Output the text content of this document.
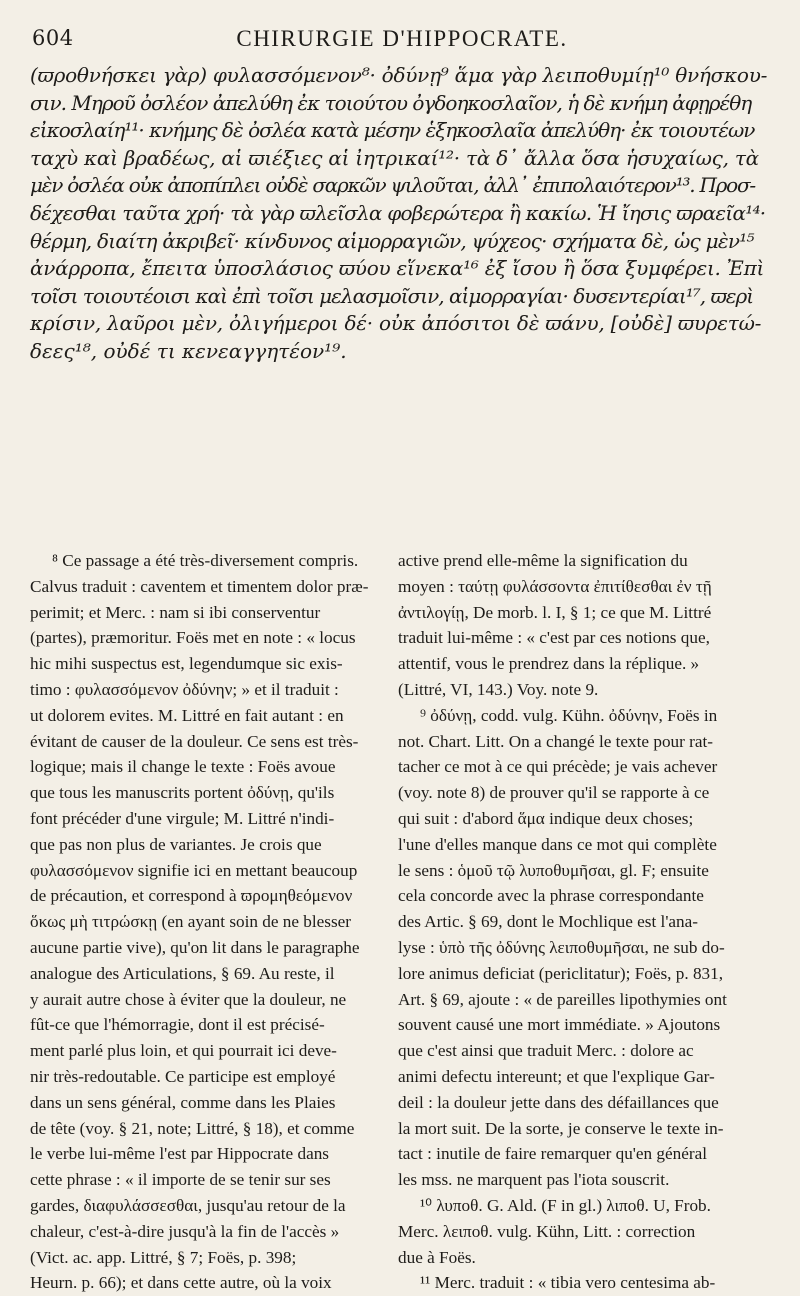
604	CHIRURGIE D'HIPPOCRATE.
(ϖροθνήσκει γὰρ) φυλασσόμενον⁸· ὀδύνῃ⁹ ἅμα γὰρ λειποθυμίῃ¹⁰ θνήσκου-
σιν. Μηροῦ ὀσλέον ἀπελύθη ἐκ τοιούτου ὀγδοηκοσλαῖον, ἡ δὲ κνήμη ἀφῃρέθη
εἰκοσλαίη¹¹· κνήμης δὲ ὀσλέα κατὰ μέσην ἑξηκοσλαῖα ἀπελύθη· ἐκ τοιουτέων
ταχὺ καὶ βραδέως, αἱ ϖιέξιες αἱ ἰητρικαί¹²· τὰ δ᾽ ἄλλα ὅσα ἡσυχαίως, τὰ
μὲν ὀσλέα οὐκ ἀποπίπλει οὐδὲ σαρκῶν ψιλοῦται, ἀλλ᾽ ἐπιπολαιότερον¹³. Προσ-
δέχεσθαι ταῦτα χρή· τὰ γὰρ ϖλεῖσλα φοβερώτερα ἢ κακίω. Ἡ ἴησις ϖραεῖα¹⁴·
θέρμη, διαίτη ἀκριβεῖ· κίνδυνος αἱμορραγιῶν, ψύχεος· σχήματα δὲ, ὡς μὲν¹⁵
ἀνάρροπα, ἔπειτα ὑποσλάσιος ϖύου εἵνεκα¹⁶ ἐξ ἴσου ἢ ὅσα ξυμφέρει. Ἐπὶ
τοῖσι τοιουτέοισι καὶ ἐπὶ τοῖσι μελασμοῖσιν, αἱμορραγίαι· δυσεντερίαι¹⁷, ϖερὶ
κρίσιν, λαῦροι μὲν, ὀλιγήμεροι δέ· οὐκ ἀπόσιτοι δὲ ϖάνυ, [οὐδὲ] ϖυρετώ-
δεες¹⁸, οὐδέ τι κενεαγγητέον¹⁹.
⁸ Ce passage a été très-diversement compris.
Calvus traduit : caventem et timentem dolor præ-
perimit; et Merc. : nam si ibi conserventur
(partes), præmoritur. Foës met en note : « locus
hic mihi suspectus est, legendumque sic exis-
timo : φυλασσόμενον ὀδύνην; » et il traduit :
ut dolorem evites. M. Littré en fait autant : en
évitant de causer de la douleur. Ce sens est très-
logique; mais il change le texte : Foës avoue
que tous les manuscrits portent ὀδύνῃ, qu'ils
font précéder d'une virgule; M. Littré n'indi-
que pas non plus de variantes. Je crois que
φυλασσόμενον signifie ici en mettant beaucoup
de précaution, et correspond à ϖρομηθεόμενον
ὅκως μὴ τιτρώσκῃ (en ayant soin de ne blesser
aucune partie vive), qu'on lit dans le paragraphe
analogue des Articulations, § 69. Au reste, il
y aurait autre chose à éviter que la douleur, ne
fût-ce que l'hémorragie, dont il est précisé-
ment parlé plus loin, et qui pourrait ici deve-
nir très-redoutable. Ce participe est employé
dans un sens général, comme dans les Plaies
de tête (voy. § 21, note; Littré, § 18), et comme
le verbe lui-même l'est par Hippocrate dans
cette phrase : « il importe de se tenir sur ses
gardes, διαφυλάσσεσθαι, jusqu'au retour de la
chaleur, c'est-à-dire jusqu'à la fin de l'accès »
(Vict. ac. app. Littré, § 7; Foës, p. 398;
Heurn. p. 66); et dans cette autre, où la voix
active prend elle-même la signification du
moyen : ταύτῃ φυλάσσοντα ἐπιτίθεσθαι ἐν τῇ
ἀντιλογίῃ, De morb. l. I, § 1; ce que M. Littré
traduit lui-même : « c'est par ces notions que,
attentif, vous le prendrez dans la réplique. »
(Littré, VI, 143.) Voy. note 9.
⁹ ὀδύνῃ, codd. vulg. Kühn. ὀδύνην, Foës in
not. Chart. Litt. On a changé le texte pour rat-
tacher ce mot à ce qui précède; je vais achever
(voy. note 8) de prouver qu'il se rapporte à ce
qui suit : d'abord ἅμα indique deux choses;
l'une d'elles manque dans ce mot qui complète
le sens : ὁμοῦ τῷ λυποθυμῆσαι, gl. F; ensuite
cela concorde avec la phrase correspondante
des Artic. § 69, dont le Mochlique est l'ana-
lyse : ὑπὸ τῆς ὀδύνης λειποθυμῆσαι, ne sub do-
lore animus deficiat (periclitatur); Foës, p. 831,
Art. § 69, ajoute : « de pareilles lipothymies ont
souvent causé une mort immédiate. » Ajoutons
que c'est ainsi que traduit Merc. : dolore ac
animi defectu intereunt; et que l'explique Gar-
deil : la douleur jette dans des défaillances que
la mort suit. De la sorte, je conserve le texte in-
tact : inutile de faire remarquer qu'en général
les mss. ne marquent pas l'iota souscrit.
¹⁰ λυποθ. G. Ald. (F in gl.) λιποθ. U, Frob.
Merc. λειποθ. vulg. Kühn, Litt. : correction
due à Foës.
¹¹ Merc. traduit : « tibia vero centesima ab-
